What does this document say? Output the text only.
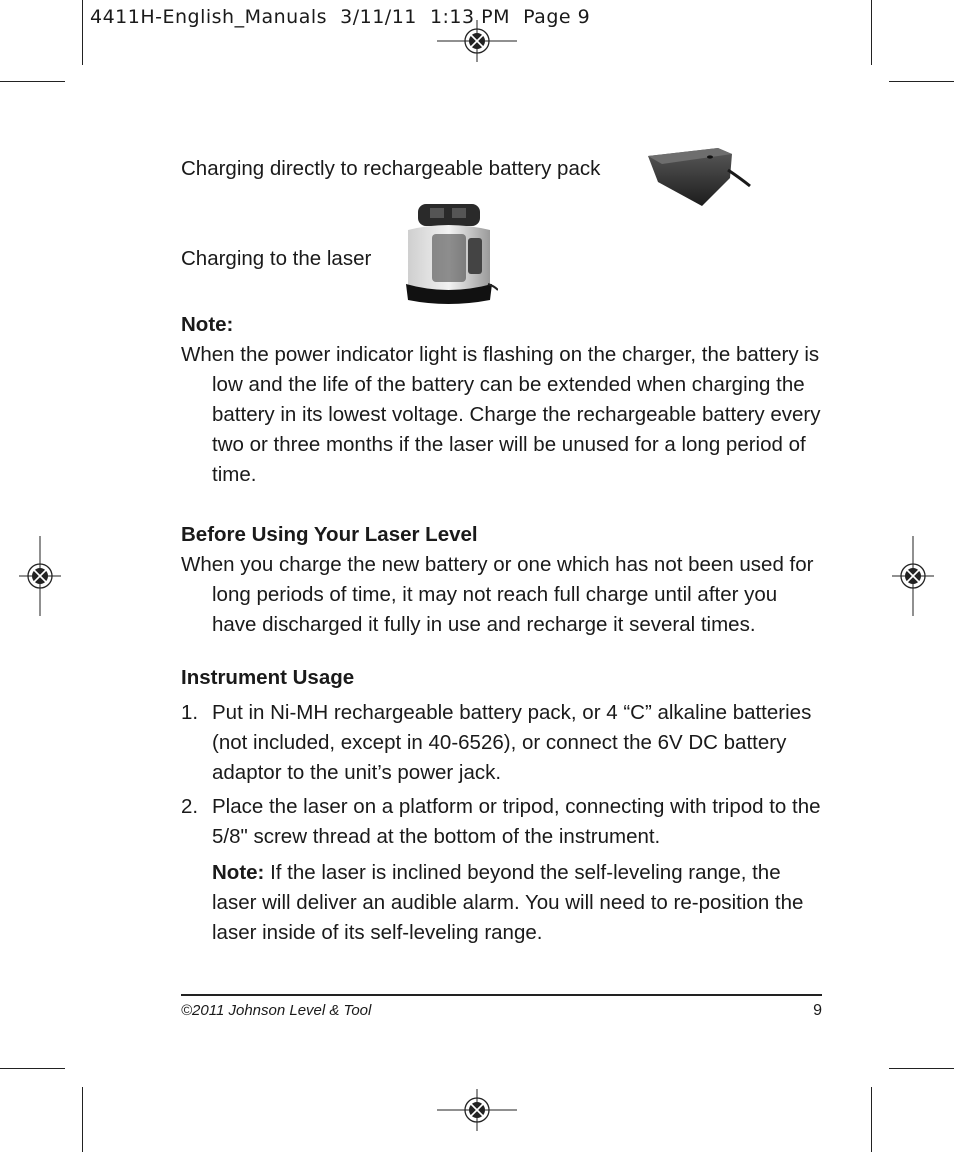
4411H-English_Manuals  3/11/11  1:13 PM  Page 9
Charging directly to rechargeable battery pack
Charging to the laser
Note:
When the power indicator light is flashing on the charger, the battery is low and the life of the battery can be extended when charging the battery in its lowest voltage. Charge the rechargeable battery every two or three months if the laser will be unused for a long period of time.
Before Using Your Laser Level
When you charge the new battery or one which has not been used for long periods of time, it may not reach full charge until after you have discharged it fully in use and recharge it several times.
Instrument Usage
1. Put in Ni-MH rechargeable battery pack, or 4 “C” alkaline batteries (not included, except in 40-6526), or connect the 6V DC battery adaptor to the unit’s power jack.
2. Place the laser on a platform or tripod, connecting with tripod to the 5/8" screw thread at the bottom of the instrument.
Note: If the laser is inclined beyond the self-leveling range, the laser will deliver an audible alarm. You will need to re-position the laser inside of its self-leveling range.
©2011 Johnson Level & Tool	9
